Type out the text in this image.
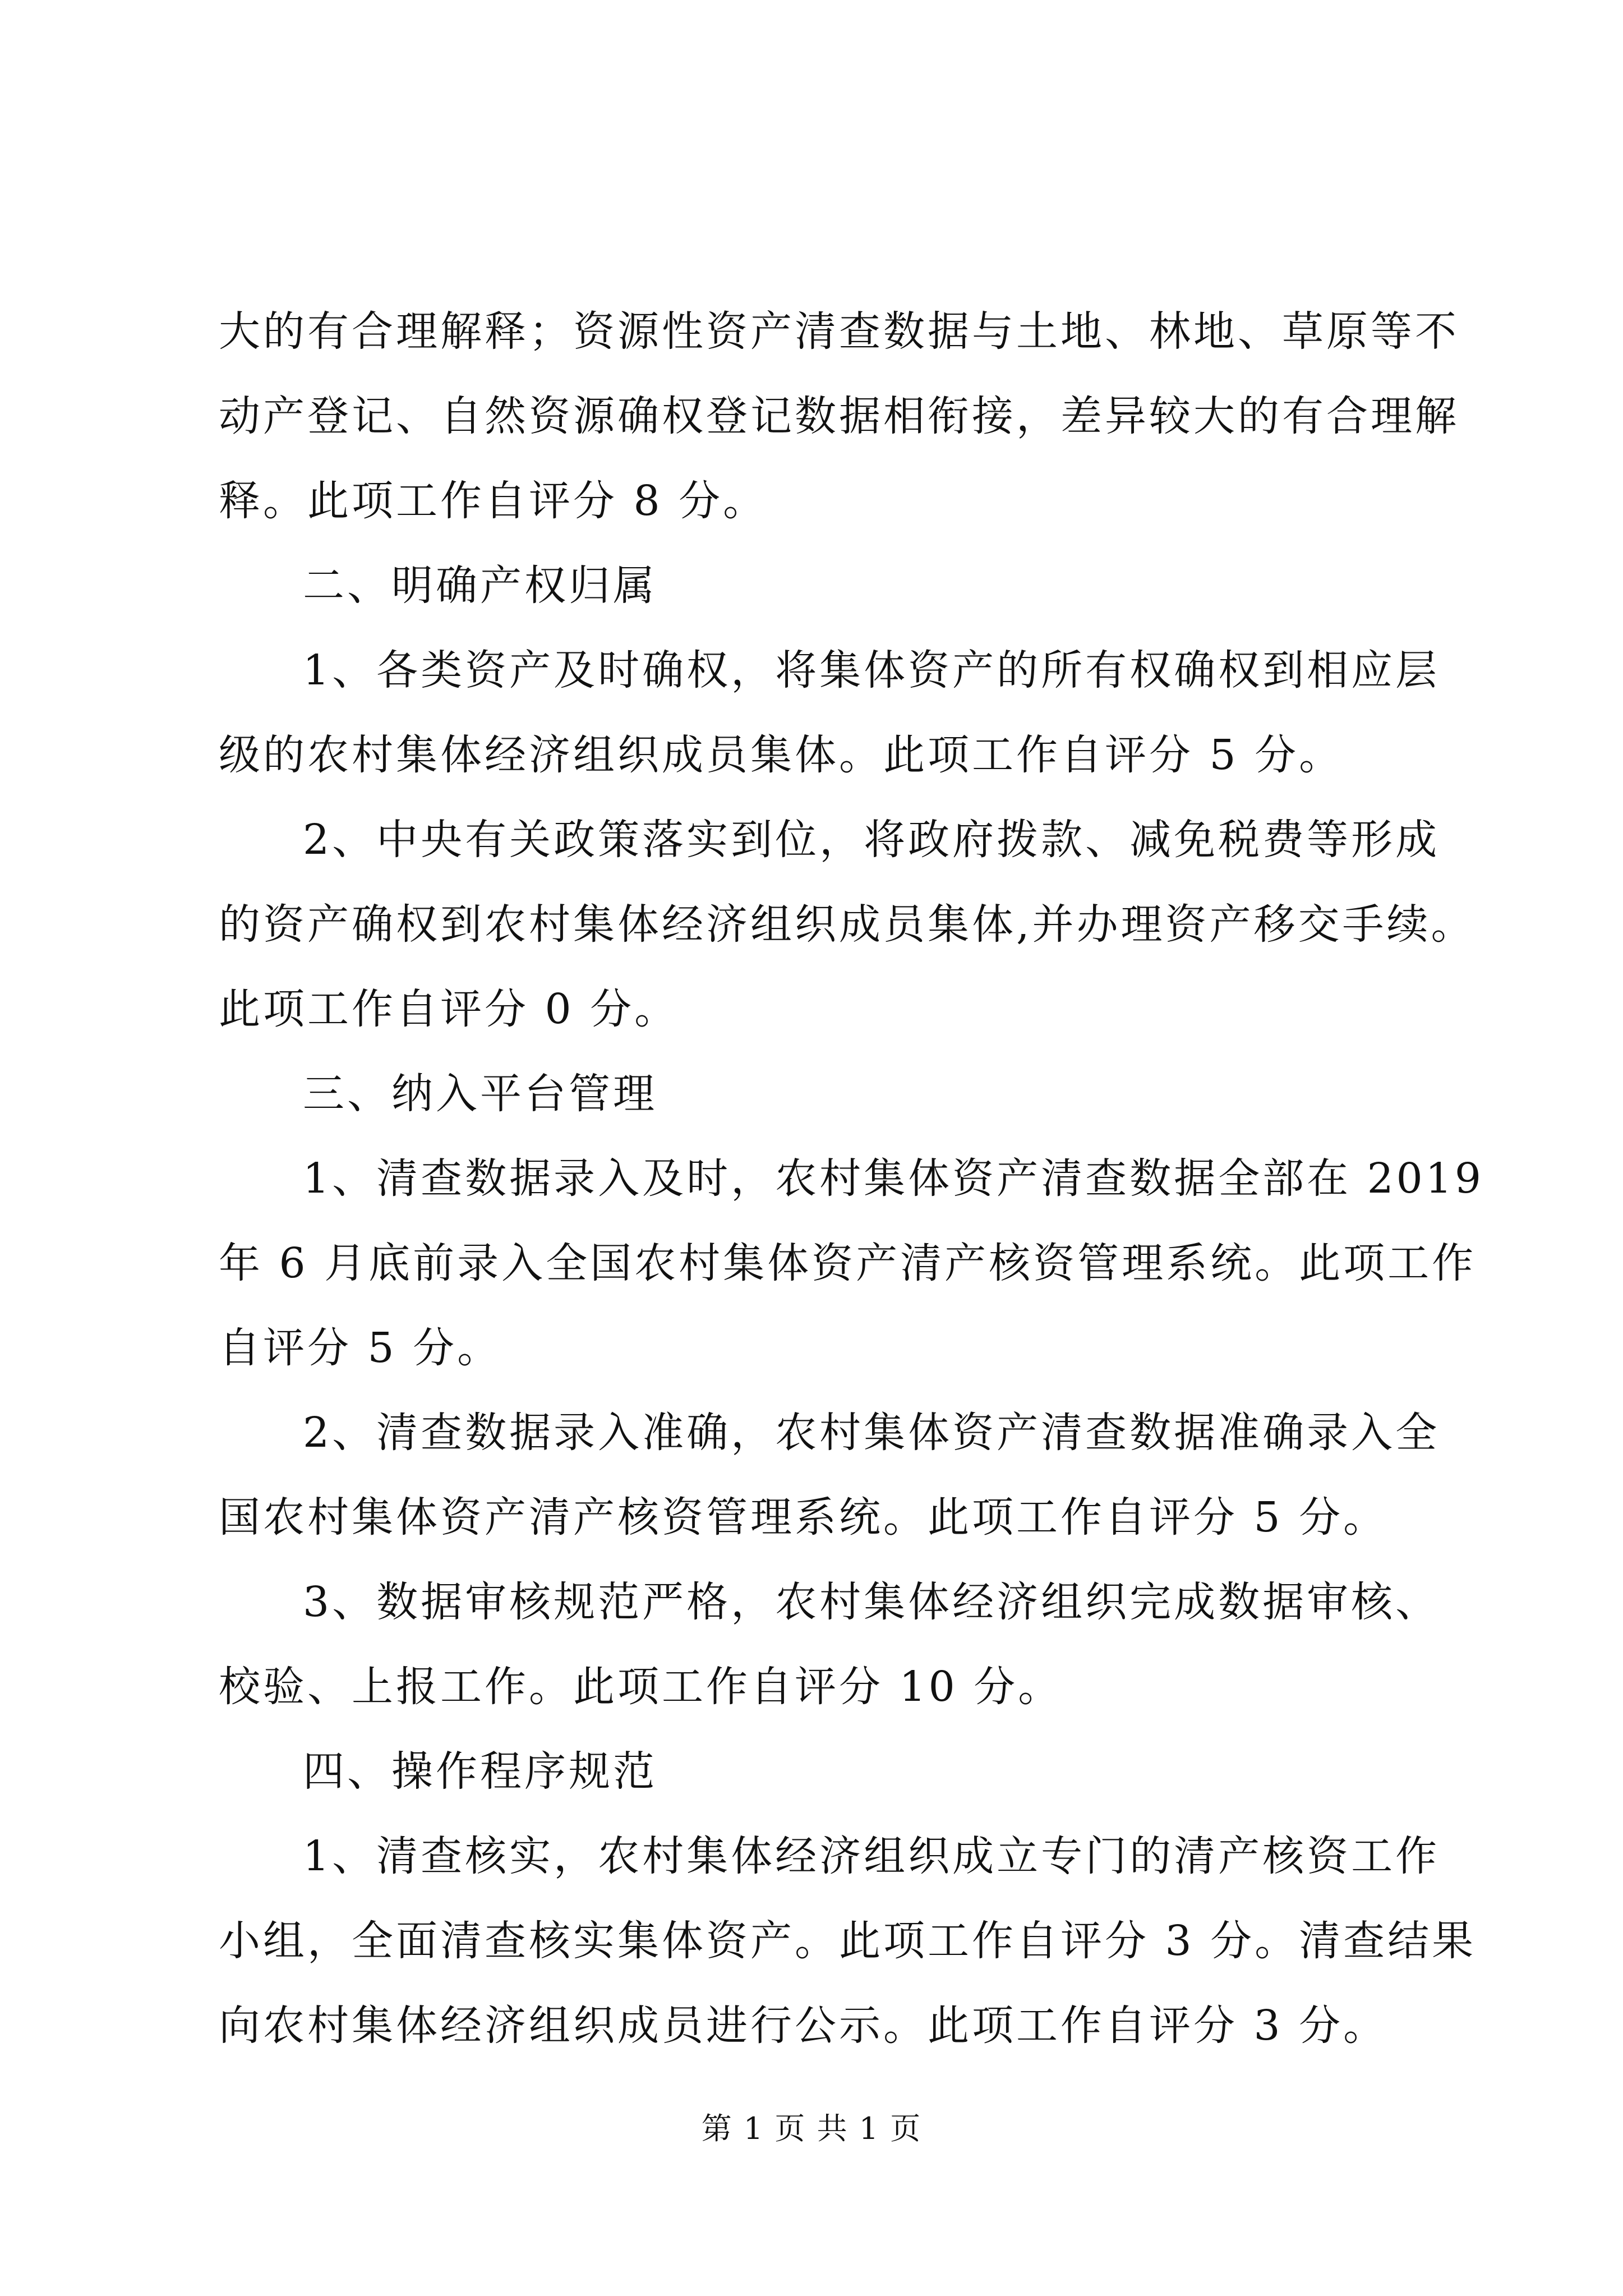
大的有合理解释；资源性资产清查数据与土地、林地、草原等不
动产登记、自然资源确权登记数据相衔接，差异较大的有合理解
释。此项工作自评分 8 分。
二、明确产权归属
1、各类资产及时确权，将集体资产的所有权确权到相应层
级的农村集体经济组织成员集体。此项工作自评分 5 分。
2、中央有关政策落实到位，将政府拨款、减免税费等形成
的资产确权到农村集体经济组织成员集体,并办理资产移交手续。
此项工作自评分 0 分。
三、纳入平台管理
1、清查数据录入及时，农村集体资产清查数据全部在 2019
年 6 月底前录入全国农村集体资产清产核资管理系统。此项工作
自评分 5 分。
2、清查数据录入准确，农村集体资产清查数据准确录入全
国农村集体资产清产核资管理系统。此项工作自评分 5 分。
3、数据审核规范严格，农村集体经济组织完成数据审核、
校验、上报工作。此项工作自评分 10 分。
四、操作程序规范
1、清查核实，农村集体经济组织成立专门的清产核资工作
小组，全面清查核实集体资产。此项工作自评分 3 分。清查结果
向农村集体经济组织成员进行公示。此项工作自评分 3 分。
第 1 页 共 1 页
